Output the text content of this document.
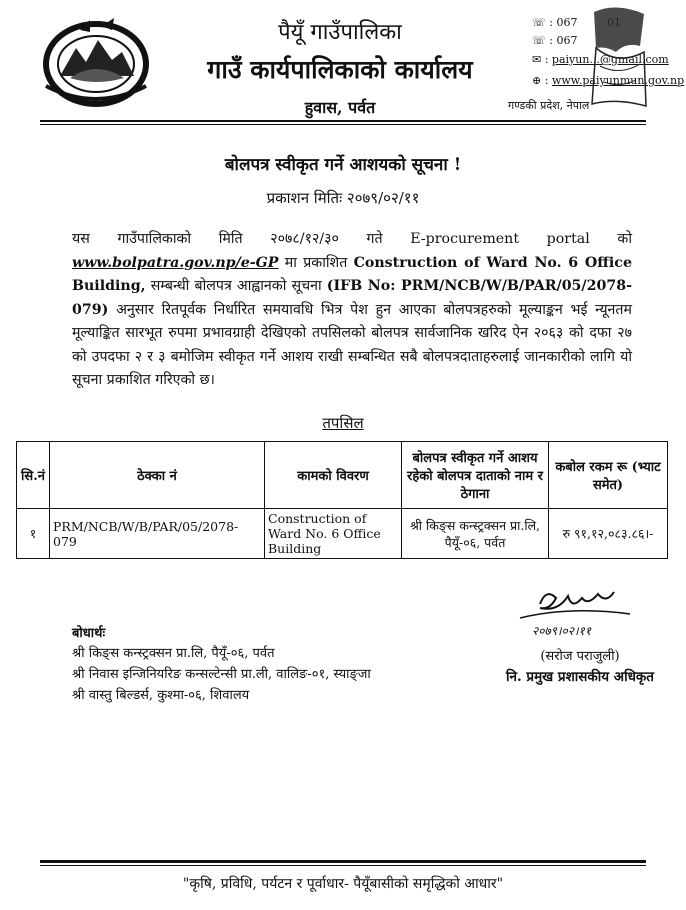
पैयूँ गाउँपालिका
गाउँ कार्यपालिकाको कार्यालय
हुवास, पर्वत
☏ : 067
☏ : 067
✉ : paiyun...@gmail.com
⊕ : www.paiyunmun.gov.np
गण्डकी प्रदेश, नेपाल
बोलपत्र स्वीकृत गर्ने आशयको सूचना !
प्रकाशन मितिः २०७९/०२/११
यस गाउँपालिकाको मिति २०७८/१२/३० गते E-procurement portal को www.bolpatra.gov.np/e-GP मा प्रकाशित Construction of Ward No. 6 Office Building, सम्बन्धी बोलपत्र आह्वानको सूचना (IFB No: PRM/NCB/W/B/PAR/05/2078-079) अनुसार रितपूर्वक निर्धारित समयावधि भित्र पेश हुन आएका बोलपत्रहरुको मूल्याङ्कन भई न्यूनतम मूल्याङ्कित सारभूत रुपमा प्रभावग्राही देखिएको तपसिलको बोलपत्र सार्वजानिक खरिद ऐन २०६३ को दफा २७ को उपदफा २ र ३ बमोजिम स्वीकृत गर्ने आशय राखी सम्बन्धित सबै बोलपत्रदाताहरुलाई जानकारीको लागि यो सूचना प्रकाशित गरिएको छ।
तपसिल
सि.नं	ठेक्का नं	कामको विवरण	बोलपत्र स्वीकृत गर्ने आशय रहेको बोलपत्र दाताको नाम र ठेगाना	कबोल रकम रू (भ्याट समेत)
१	PRM/NCB/W/B/PAR/05/2078-079	Construction of Ward No. 6 Office Building	श्री किङ्स कन्स्ट्रक्सन प्रा.लि, पैयूँ-०६, पर्वत	रु ९१,१२,०८३.८६।-
२०७९।०२।११
बोधार्थः
श्री किङ्स कन्स्ट्रक्सन प्रा.लि, पैयूँ-०६, पर्वत
श्री निवास इन्जिनियरिङ कन्सल्टेन्सी प्रा.ली, वालिङ-०१, स्याङ्जा
श्री वास्तु बिल्डर्स, कुश्मा-०६, शिवालय
(सरोज पराजुली)
नि. प्रमुख प्रशासकीय अधिकृत
"कृषि, प्रविधि, पर्यटन र पूर्वाधार- पैयूँबासीको समृद्धिको आधार"
